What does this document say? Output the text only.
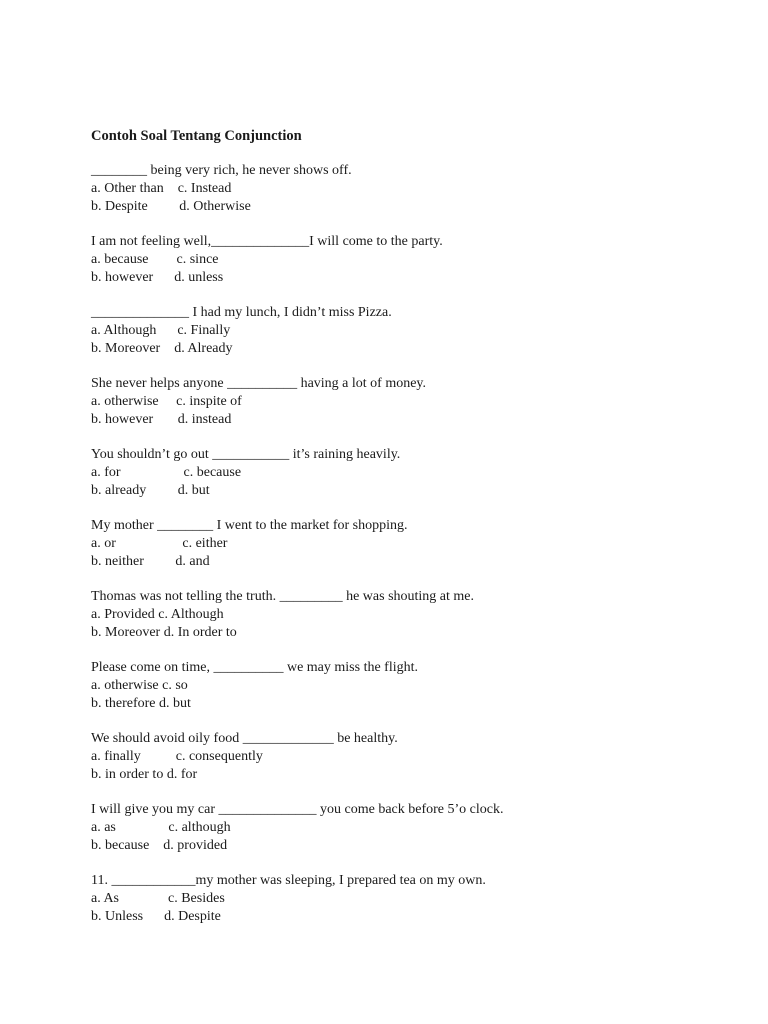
Contoh Soal Tentang Conjunction
________ being very rich, he never shows off.
a. Other than    c. Instead
b. Despite         d. Otherwise
I am not feeling well,______________I will come to the party.
a. because        c. since
b. however      d. unless
______________ I had my lunch, I didn’t miss Pizza.
a. Although      c. Finally
b. Moreover    d. Already
She never helps anyone __________ having a lot of money.
a. otherwise     c. inspite of
b. however       d. instead
You shouldn’t go out ___________ it’s raining heavily.
a. for                  c. because
b. already         d. but
My mother ________ I went to the market for shopping.
a. or                   c. either
b. neither         d. and
Thomas was not telling the truth. _________ he was shouting at me.
a. Provided c. Although
b. Moreover d. In order to
Please come on time, __________ we may miss the flight.
a. otherwise c. so
b. therefore d. but
We should avoid oily food _____________ be healthy.
a. finally          c. consequently
b. in order to d. for
I will give you my car ______________ you come back before 5’o clock.
a. as               c. although
b. because    d. provided
11. ____________my mother was sleeping, I prepared tea on my own.
a. As              c. Besides
b. Unless      d. Despite
